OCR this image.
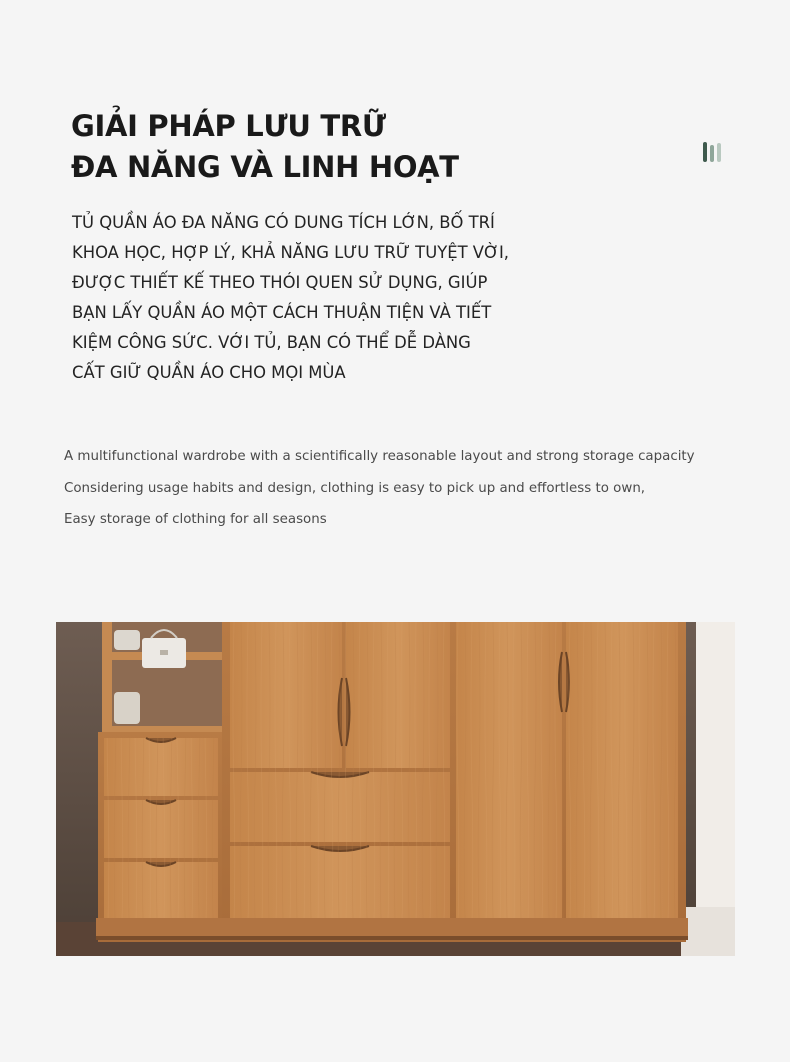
GIẢI PHÁP LƯU TRỮ
ĐA NĂNG VÀ LINH HOẠT

TỦ QUẦN ÁO ĐA NĂNG CÓ DUNG TÍCH LỚN, BỐ TRÍ
KHOA HỌC, HỢP LÝ, KHẢ NĂNG LƯU TRỮ TUYỆT VỜI,
ĐƯỢC THIẾT KẾ THEO THÓI QUEN SỬ DỤNG, GIÚP
BẠN LẤY QUẦN ÁO MỘT CÁCH THUẬN TIỆN VÀ TIẾT
KIỆM CÔNG SỨC. VỚI TỦ, BẠN CÓ THỂ DỄ DÀNG
CẤT GIỮ QUẦN ÁO CHO MỌI MÙA

A multifunctional wardrobe with a scientifically reasonable layout and strong storage capacity
Considering usage habits and design, clothing is easy to pick up and effortless to own,
Easy storage of clothing for all seasons
